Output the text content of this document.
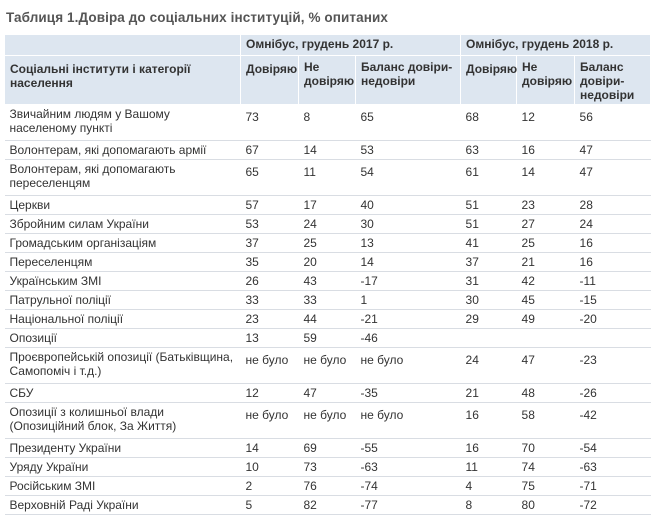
Таблиця 1.Довіра до соціальних інституцій, % опитаних
	Омнібус, грудень 2017 р.			Омнібус, грудень 2018 р.		
Соціальні інститути і категорії населення	Довіряю	Не довіряю	Баланс довіри-недовіри	Довіряю	Не довіряю	Баланс довіри-недовіри
Звичайним людям у Вашому населеному пункті	73	8	65	68	12	56
Волонтерам, які допомагають армії	67	14	53	63	16	47
Волонтерам, які допомагають переселенцям	65	11	54	61	14	47
Церкви	57	17	40	51	23	28
Збройним силам України	53	24	30	51	27	24
Громадським організаціям	37	25	13	41	25	16
Переселенцям	35	20	14	37	21	16
Українським ЗМІ	26	43	-17	31	42	-11
Патрульної поліції	33	33	1	30	45	-15
Національної поліції	23	44	-21	29	49	-20
Опозиції	13	59	-46			
Проєвропейській опозиції (Батьківщина, Самопоміч і т.д.)	не було	не було	не було	24	47	-23
СБУ	12	47	-35	21	48	-26
Опозиції з колишньої влади (Опозиційний блок, За Життя)	не було	не було	не було	16	58	-42
Президенту України	14	69	-55	16	70	-54
Уряду України	10	73	-63	11	74	-63
Російським ЗМІ	2	76	-74	4	75	-71
Верховній Раді України	5	82	-77	8	80	-72
